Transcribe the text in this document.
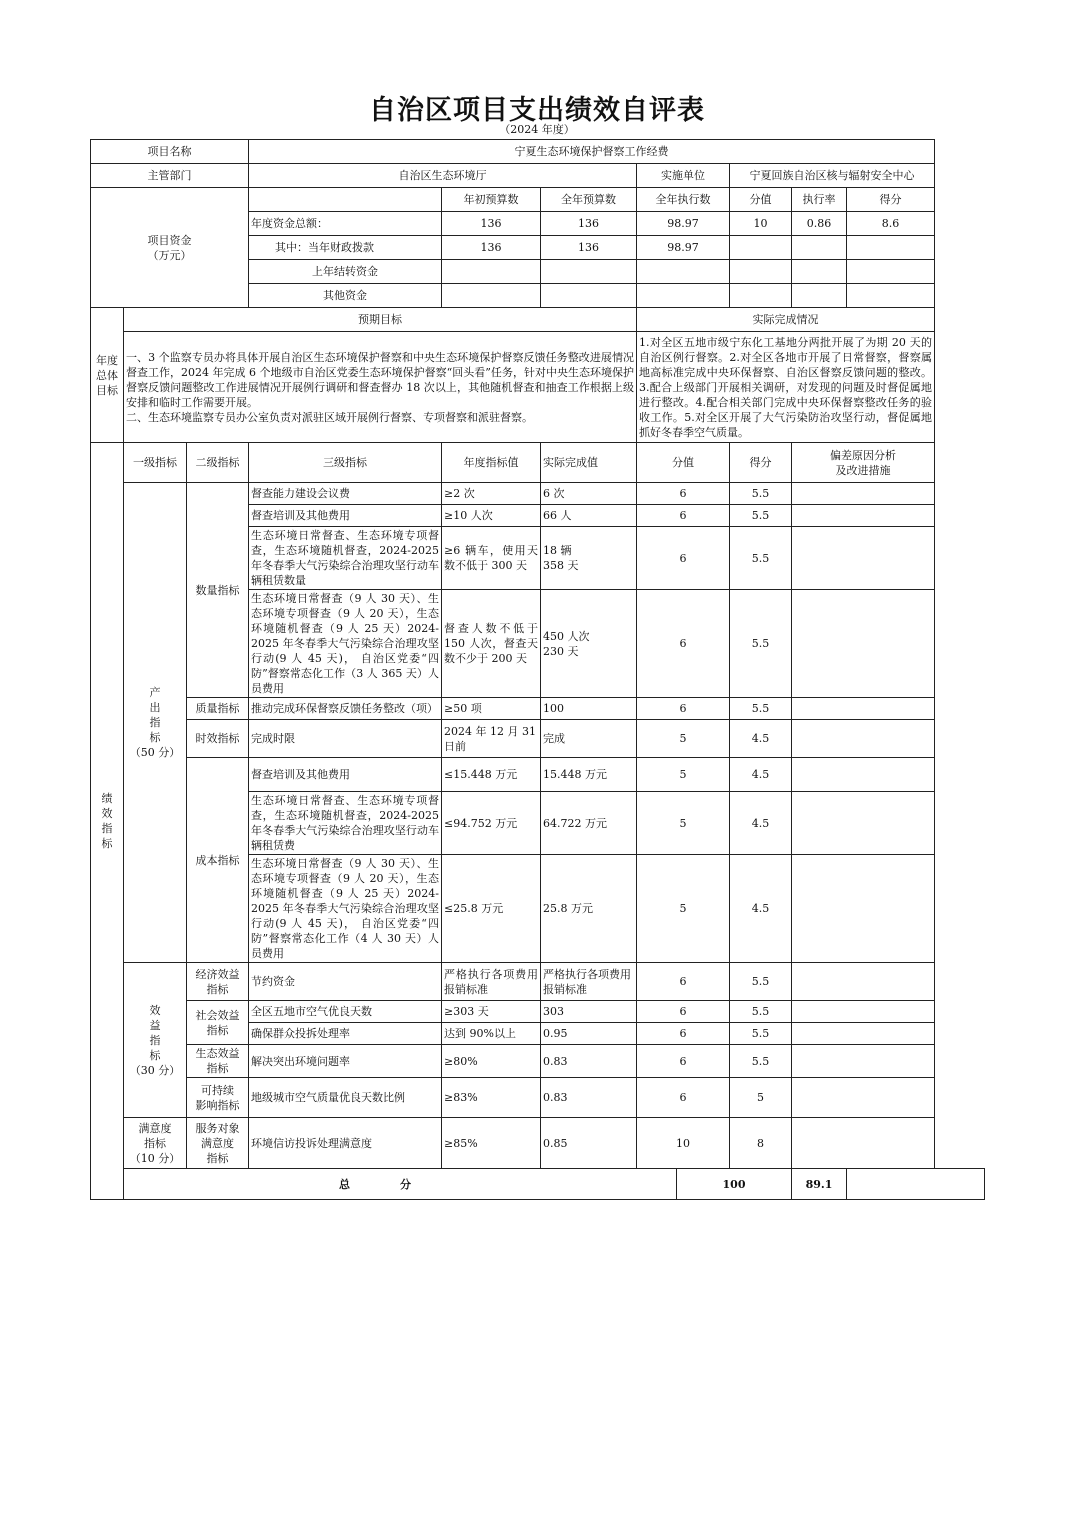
自治区项目支出绩效自评表
（2024 年度）
项目名称			宁夏生态环境保护督察工作经费							
主管部门			自治区生态环境厅			实施单位		宁夏回族自治区核与辐射安全中心		
项目资金
（万元）				年初预算数	全年预算数	全年执行数		分值	执行率	得分
			年度资金总额：	136	136	98.97		10	0.86	8.6
			其中：当年财政拨款	136	136	98.97				
			上年结转资金							
			其他资金							
年度
总体
目标	预期目标					实际完成情况				
	一、3 个监察专员办将具体开展自治区生态环境保护督察和中央生态环境保护督察反馈任务整改进展情况督查工作，2024 年完成 6 个地级市自治区党委生态环境保护督察“回头看”任务，针对中央生态环境保护督察反馈问题整改工作进展情况开展例行调研和督查督办 18 次以上，其他随机督查和抽查工作根据上级安排和临时工作需要开展。
二、生态环境监察专员办公室负责对派驻区域开展例行督察、专项督察和派驻督察。					1.对全区五地市级宁东化工基地分两批开展了为期 20 天的自治区例行督察。2.对全区各地市开展了日常督察，督察属地高标准完成中央环保督察、自治区督察反馈问题的整改。3.配合上级部门开展相关调研，对发现的问题及时督促属地进行整改。4.配合相关部门完成中央环保督察整改任务的验收工作。5.对全区开展了大气污染防治攻坚行动，督促属地抓好冬春季空气质量。				
绩
效
指
标	一级指标	二级指标	三级指标	年度指标值	实际完成值	分值		得分	偏差原因分析
及改进措施	
	产
出
指
标
（50 分）	数量指标	督查能力建设会议费	≥2 次	6 次	6		5.5		
			督查培训及其他费用	≥10 人次	66 人	6		5.5		
			生态环境日常督查、生态环境专项督查，生态环境随机督查，2024-2025 年冬春季大气污染综合治理攻坚行动车辆租赁数量	≥6 辆车，使用天数不低于 300 天	18 辆
358 天	6		5.5		
			生态环境日常督查（9 人 30 天）、生态环境专项督查（9 人 20 天），生态环境随机督查（9 人 25 天）2024-2025 年冬春季大气污染综合治理攻坚行动(9 人 45 天)， 自治区党委“四防”督察常态化工作（3 人 365 天）人员费用	督查人数不低于 150 人次，督查天数不少于 200 天	450 人次
230 天	6		5.5		
		质量指标	推动完成环保督察反馈任务整改（项）	≥50 项	100	6		5.5		
		时效指标	完成时限	2024 年 12 月 31 日前	完成	5		4.5		
		成本指标	督查培训及其他费用	≤15.448 万元	15.448 万元	5		4.5		
			生态环境日常督查、生态环境专项督查，生态环境随机督查，2024-2025 年冬春季大气污染综合治理攻坚行动车辆租赁费	≤94.752 万元	64.722 万元	5		4.5		
			生态环境日常督查（9 人 30 天）、生态环境专项督查（9 人 20 天），生态环境随机督查（9 人 25 天）2024-2025 年冬春季大气污染综合治理攻坚行动(9 人 45 天)， 自治区党委“四防”督察常态化工作（4 人 30 天）人员费用	≤25.8 万元	25.8 万元	5		4.5		
	效
益
指
标
（30 分）	经济效益
指标	节约资金	严格执行各项费用报销标准	严格执行各项费用报销标准	6		5.5		
		社会效益
指标	全区五地市空气优良天数	≥303 天	303	6		5.5		
			确保群众投拆处理率	达到 90%以上	0.95	6		5.5		
		生态效益
指标	解决突出环境问题率	≥80%	0.83	6		5.5		
		可持续
影响指标	地级城市空气质量优良天数比例	≥83%	0.83	6		5		
	满意度
指标
（10 分）	服务对象
满意度
指标	环境信访投诉处理满意度	≥85%	0.85	10		8		
	总分						100		89.1	
